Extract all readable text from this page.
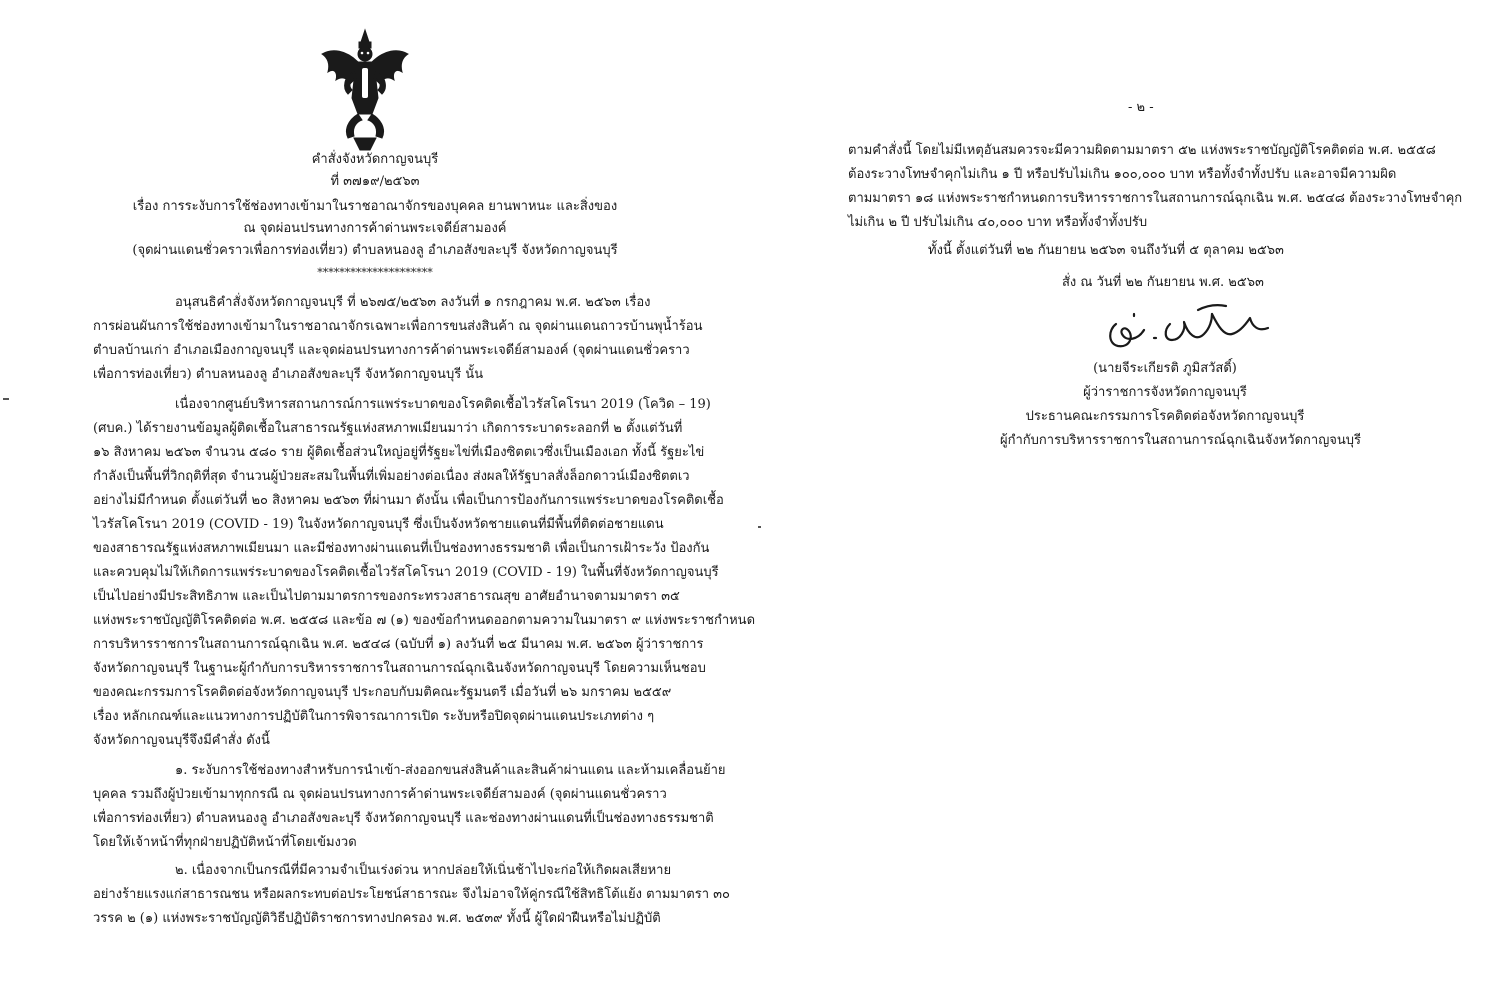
คำสั่งจังหวัดกาญจนบุรี
ที่ ๓๗๑๙/๒๕๖๓
เรื่อง การระงับการใช้ช่องทางเข้ามาในราชอาณาจักรของบุคคล ยานพาหนะ และสิ่งของ
ณ จุดผ่อนปรนทางการค้าด่านพระเจดีย์สามองค์
(จุดผ่านแดนชั่วคราวเพื่อการท่องเที่ยว) ตำบลหนองลู อำเภอสังขละบุรี จังหวัดกาญจนบุรี
*********************
อนุสนธิคำสั่งจังหวัดกาญจนบุรี ที่ ๒๖๗๕/๒๕๖๓ ลงวันที่ ๑ กรกฎาคม พ.ศ. ๒๕๖๓ เรื่อง
การผ่อนผันการใช้ช่องทางเข้ามาในราชอาณาจักรเฉพาะเพื่อการขนส่งสินค้า ณ จุดผ่านแดนถาวรบ้านพุน้ำร้อน
ตำบลบ้านเก่า อำเภอเมืองกาญจนบุรี และจุดผ่อนปรนทางการค้าด่านพระเจดีย์สามองค์ (จุดผ่านแดนชั่วคราว
เพื่อการท่องเที่ยว) ตำบลหนองลู อำเภอสังขละบุรี จังหวัดกาญจนบุรี นั้น
เนื่องจากศูนย์บริหารสถานการณ์การแพร่ระบาดของโรคติดเชื้อไวรัสโคโรนา 2019 (โควิด – 19)
(ศบค.) ได้รายงานข้อมูลผู้ติดเชื้อในสาธารณรัฐแห่งสหภาพเมียนมาว่า เกิดการระบาดระลอกที่ ๒ ตั้งแต่วันที่
๑๖ สิงหาคม ๒๕๖๓ จำนวน ๕๘๐ ราย ผู้ติดเชื้อส่วนใหญ่อยู่ที่รัฐยะไข่ที่เมืองซิตตเวซึ่งเป็นเมืองเอก ทั้งนี้ รัฐยะไข่
กำลังเป็นพื้นที่วิกฤติที่สุด จำนวนผู้ป่วยสะสมในพื้นที่เพิ่มอย่างต่อเนื่อง ส่งผลให้รัฐบาลสั่งล็อกดาวน์เมืองซิตตเว
อย่างไม่มีกำหนด ตั้งแต่วันที่ ๒๐ สิงหาคม ๒๕๖๓ ที่ผ่านมา ดังนั้น เพื่อเป็นการป้องกันการแพร่ระบาดของโรคติดเชื้อ
ไวรัสโคโรนา 2019 (COVID - 19) ในจังหวัดกาญจนบุรี ซึ่งเป็นจังหวัดชายแดนที่มีพื้นที่ติดต่อชายแดน
ของสาธารณรัฐแห่งสหภาพเมียนมา และมีช่องทางผ่านแดนที่เป็นช่องทางธรรมชาติ เพื่อเป็นการเฝ้าระวัง ป้องกัน
และควบคุมไม่ให้เกิดการแพร่ระบาดของโรคติดเชื้อไวรัสโคโรนา 2019 (COVID - 19) ในพื้นที่จังหวัดกาญจนบุรี
เป็นไปอย่างมีประสิทธิภาพ และเป็นไปตามมาตรการของกระทรวงสาธารณสุข อาศัยอำนาจตามมาตรา ๓๕
แห่งพระราชบัญญัติโรคติดต่อ พ.ศ. ๒๕๕๘ และข้อ ๗ (๑) ของข้อกำหนดออกตามความในมาตรา ๙ แห่งพระราชกำหนด
การบริหารราชการในสถานการณ์ฉุกเฉิน พ.ศ. ๒๕๔๘ (ฉบับที่ ๑) ลงวันที่ ๒๕ มีนาคม พ.ศ. ๒๕๖๓ ผู้ว่าราชการ
จังหวัดกาญจนบุรี ในฐานะผู้กำกับการบริหารราชการในสถานการณ์ฉุกเฉินจังหวัดกาญจนบุรี โดยความเห็นชอบ
ของคณะกรรมการโรคติดต่อจังหวัดกาญจนบุรี ประกอบกับมติคณะรัฐมนตรี เมื่อวันที่ ๒๖ มกราคม ๒๕๕๙
เรื่อง หลักเกณฑ์และแนวทางการปฏิบัติในการพิจารณาการเปิด ระงับหรือปิดจุดผ่านแดนประเภทต่าง ๆ
จังหวัดกาญจนบุรีจึงมีคำสั่ง ดังนี้
๑. ระงับการใช้ช่องทางสำหรับการนำเข้า-ส่งออกขนส่งสินค้าและสินค้าผ่านแดน และห้ามเคลื่อนย้าย
บุคคล รวมถึงผู้ป่วยเข้ามาทุกกรณี ณ จุดผ่อนปรนทางการค้าด่านพระเจดีย์สามองค์ (จุดผ่านแดนชั่วคราว
เพื่อการท่องเที่ยว) ตำบลหนองลู อำเภอสังขละบุรี จังหวัดกาญจนบุรี และช่องทางผ่านแดนที่เป็นช่องทางธรรมชาติ
โดยให้เจ้าหน้าที่ทุกฝ่ายปฏิบัติหน้าที่โดยเข้มงวด
๒. เนื่องจากเป็นกรณีที่มีความจำเป็นเร่งด่วน หากปล่อยให้เนิ่นช้าไปจะก่อให้เกิดผลเสียหาย
อย่างร้ายแรงแก่สาธารณชน หรือผลกระทบต่อประโยชน์สาธารณะ จึงไม่อาจให้คู่กรณีใช้สิทธิโต้แย้ง ตามมาตรา ๓๐
วรรค ๒ (๑) แห่งพระราชบัญญัติวิธีปฏิบัติราชการทางปกครอง พ.ศ. ๒๕๓๙ ทั้งนี้ ผู้ใดฝ่าฝืนหรือไม่ปฏิบัติ
- ๒ -
ตามคำสั่งนี้ โดยไม่มีเหตุอันสมควรจะมีความผิดตามมาตรา ๕๒ แห่งพระราชบัญญัติโรคติดต่อ พ.ศ. ๒๕๕๘
ต้องระวางโทษจำคุกไม่เกิน ๑ ปี หรือปรับไม่เกิน ๑๐๐,๐๐๐ บาท หรือทั้งจำทั้งปรับ และอาจมีความผิด
ตามมาตรา ๑๘ แห่งพระราชกำหนดการบริหารราชการในสถานการณ์ฉุกเฉิน พ.ศ. ๒๕๔๘ ต้องระวางโทษจำคุก
ไม่เกิน ๒ ปี ปรับไม่เกิน ๔๐,๐๐๐ บาท หรือทั้งจำทั้งปรับ
ทั้งนี้ ตั้งแต่วันที่ ๒๒ กันยายน ๒๕๖๓ จนถึงวันที่ ๕ ตุลาคม ๒๕๖๓
สั่ง ณ วันที่ ๒๒ กันยายน พ.ศ. ๒๕๖๓
(นายจีระเกียรติ ภูมิสวัสดิ์)
ผู้ว่าราชการจังหวัดกาญจนบุรี
ประธานคณะกรรมการโรคติดต่อจังหวัดกาญจนบุรี
ผู้กำกับการบริหารราชการในสถานการณ์ฉุกเฉินจังหวัดกาญจนบุรี
